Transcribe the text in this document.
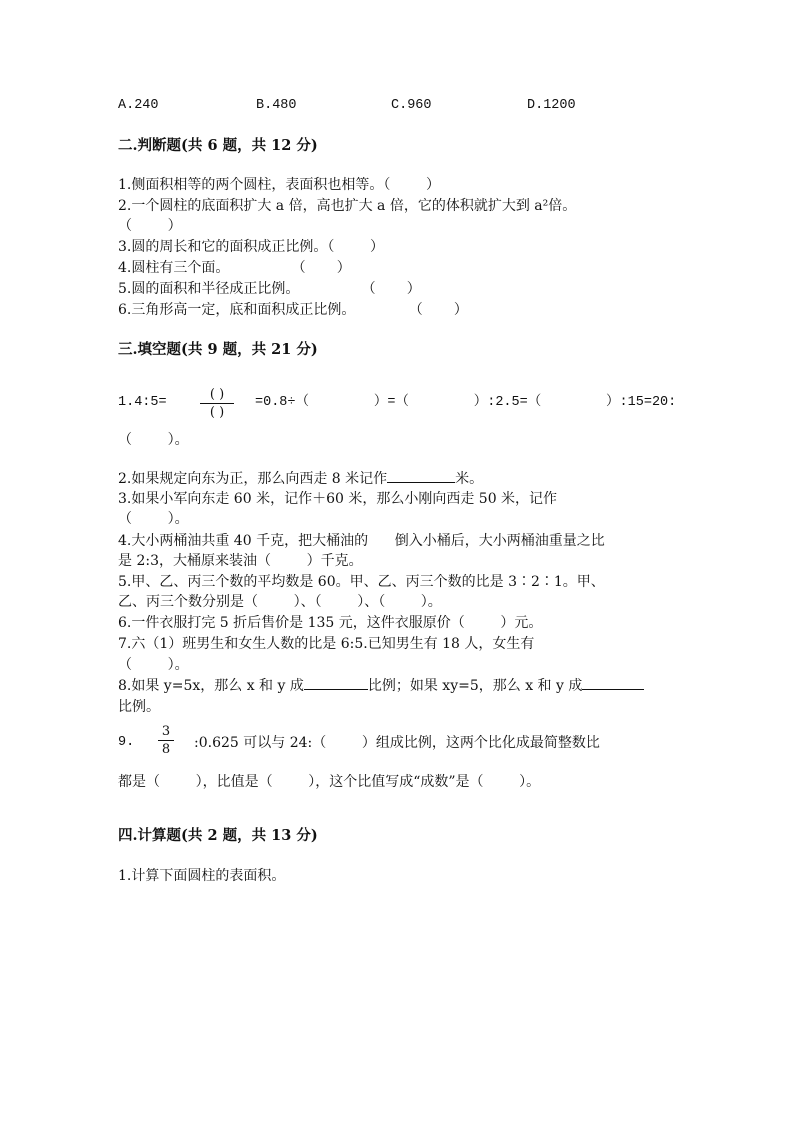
A.240	B.480	C.960	D.1200
二.判断题(共 6 题，共 12 分)
1.侧面积相等的两个圆柱，表面积也相等。（        ）
2.一个圆柱的底面积扩大 a 倍，高也扩大 a 倍，它的体积就扩大到 a²倍。
（        ）
3.圆的周长和它的面积成正比例。（        ）
4.圆柱有三个面。              （       ）
5.圆的面积和半径成正比例。              （       ）
6.三角形高一定，底和面积成正比例。            （       ）
三.填空题(共 9 题，共 21 分)
1.4:5=
( )
( )
=0.8÷（        ）=（        ）:2.5=（        ）:15=20:
（        ）。
2.如果规定向东为正，那么向西走 8 米记作	米。
3.如果小军向东走 60 米，记作＋60 米，那么小刚向西走 50 米，记作
（        ）。
4.大小两桶油共重 40 千克，把大桶油的      倒入小桶后，大小两桶油重量之比
是 2:3，大桶原来装油（        ）千克。
5.甲、乙、丙三个数的平均数是 60。甲、乙、丙三个数的比是 3∶2∶1。甲、
乙、丙三个数分别是（        ）、（        ）、（        ）。
6.一件衣服打完 5 折后售价是 135 元，这件衣服原价（        ）元。
7.六（1）班男生和女生人数的比是 6:5.已知男生有 18 人，女生有
（        ）。
8.如果 y=5x，那么 x 和 y 成	比例；如果 xy=5，那么 x 和 y 成
比例。
9. $\frac{3}{8}$ :0.625 可以与 24:（        ）组成比例，这两个比化成最简整数比
都是（        ），比值是（        ），这个比值写成“成数”是（        ）。
四.计算题(共 2 题，共 13 分)
1.计算下面圆柱的表面积。
